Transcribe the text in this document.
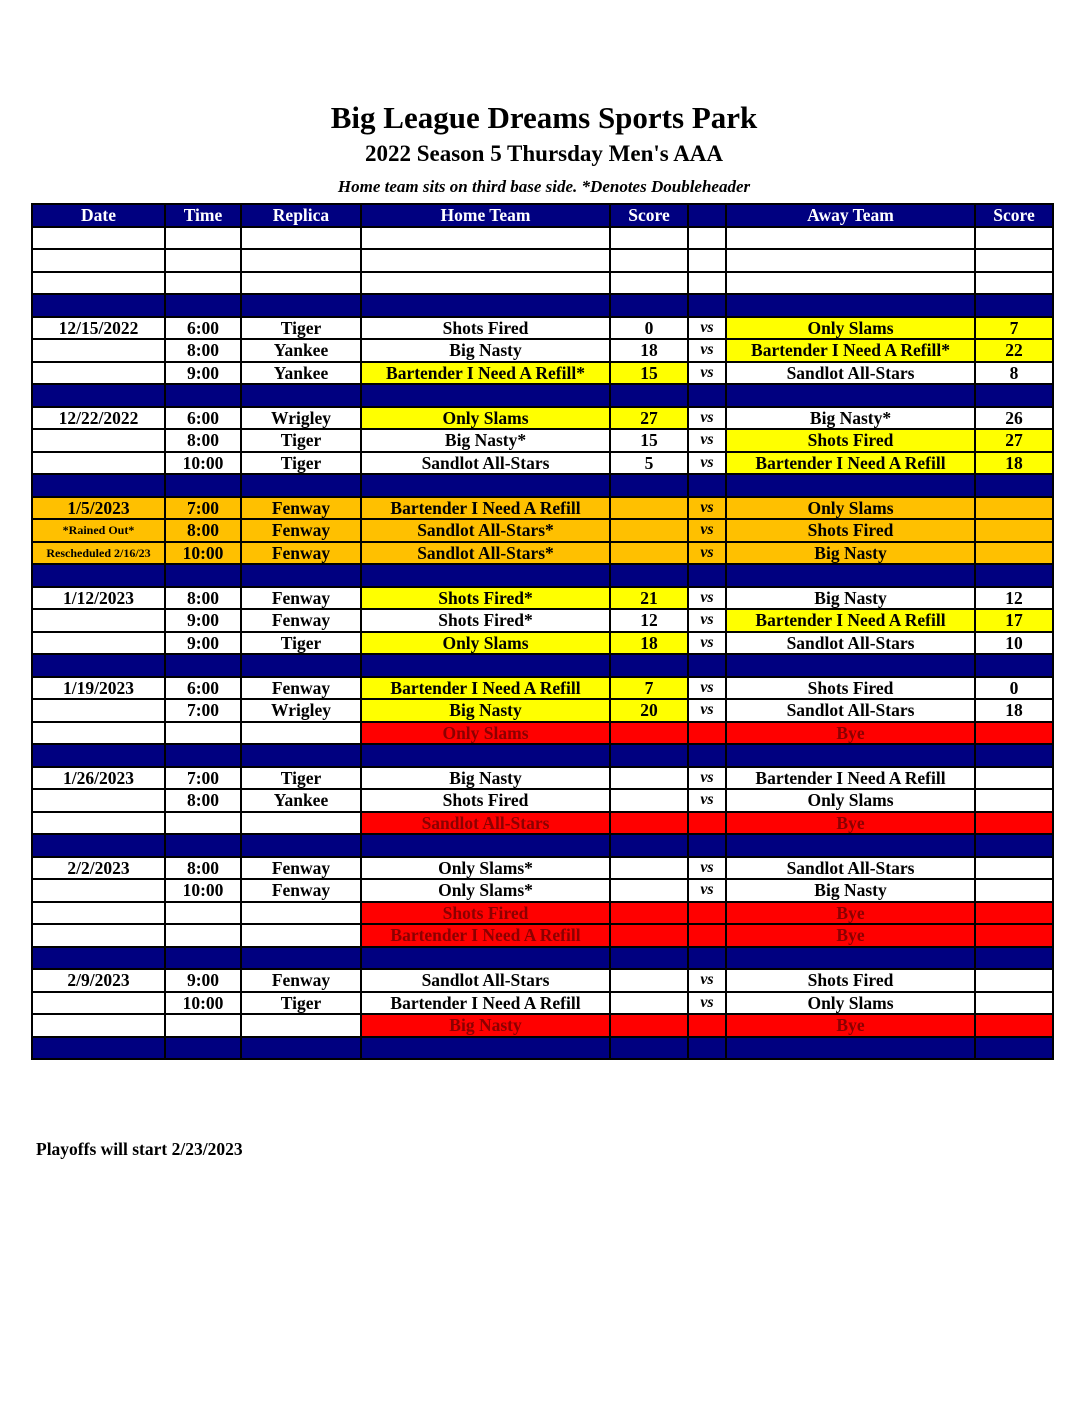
Big League Dreams Sports Park
2022 Season 5 Thursday Men's AAA
Home team sits on third base side. *Denotes Doubleheader
Date	Time	Replica	Home Team	Score		Away Team	Score

12/15/2022	6:00	Tiger	Shots Fired	0	vs	Only Slams	7
	8:00	Yankee	Big Nasty	18	vs	Bartender I Need A Refill*	22
	9:00	Yankee	Bartender I Need A Refill*	15	vs	Sandlot All-Stars	8

12/22/2022	6:00	Wrigley	Only Slams	27	vs	Big Nasty*	26
	8:00	Tiger	Big Nasty*	15	vs	Shots Fired	27
	10:00	Tiger	Sandlot All-Stars	5	vs	Bartender I Need A Refill	18

1/5/2023	7:00	Fenway	Bartender I Need A Refill		vs	Only Slams	
*Rained Out*	8:00	Fenway	Sandlot All-Stars*		vs	Shots Fired	
Rescheduled 2/16/23	10:00	Fenway	Sandlot All-Stars*		vs	Big Nasty	

1/12/2023	8:00	Fenway	Shots Fired*	21	vs	Big Nasty	12
	9:00	Fenway	Shots Fired*	12	vs	Bartender I Need A Refill	17
	9:00	Tiger	Only Slams	18	vs	Sandlot All-Stars	10

1/19/2023	6:00	Fenway	Bartender I Need A Refill	7	vs	Shots Fired	0
	7:00	Wrigley	Big Nasty	20	vs	Sandlot All-Stars	18
			Only Slams			Bye	

1/26/2023	7:00	Tiger	Big Nasty		vs	Bartender I Need A Refill	
	8:00	Yankee	Shots Fired		vs	Only Slams	
			Sandlot All-Stars			Bye	

2/2/2023	8:00	Fenway	Only Slams*		vs	Sandlot All-Stars	
	10:00	Fenway	Only Slams*		vs	Big Nasty	
			Shots Fired			Bye	
			Bartender I Need A Refill			Bye	

2/9/2023	9:00	Fenway	Sandlot All-Stars		vs	Shots Fired	
	10:00	Tiger	Bartender I Need A Refill		vs	Only Slams	
			Big Nasty			Bye	

Playoffs will start 2/23/2023
